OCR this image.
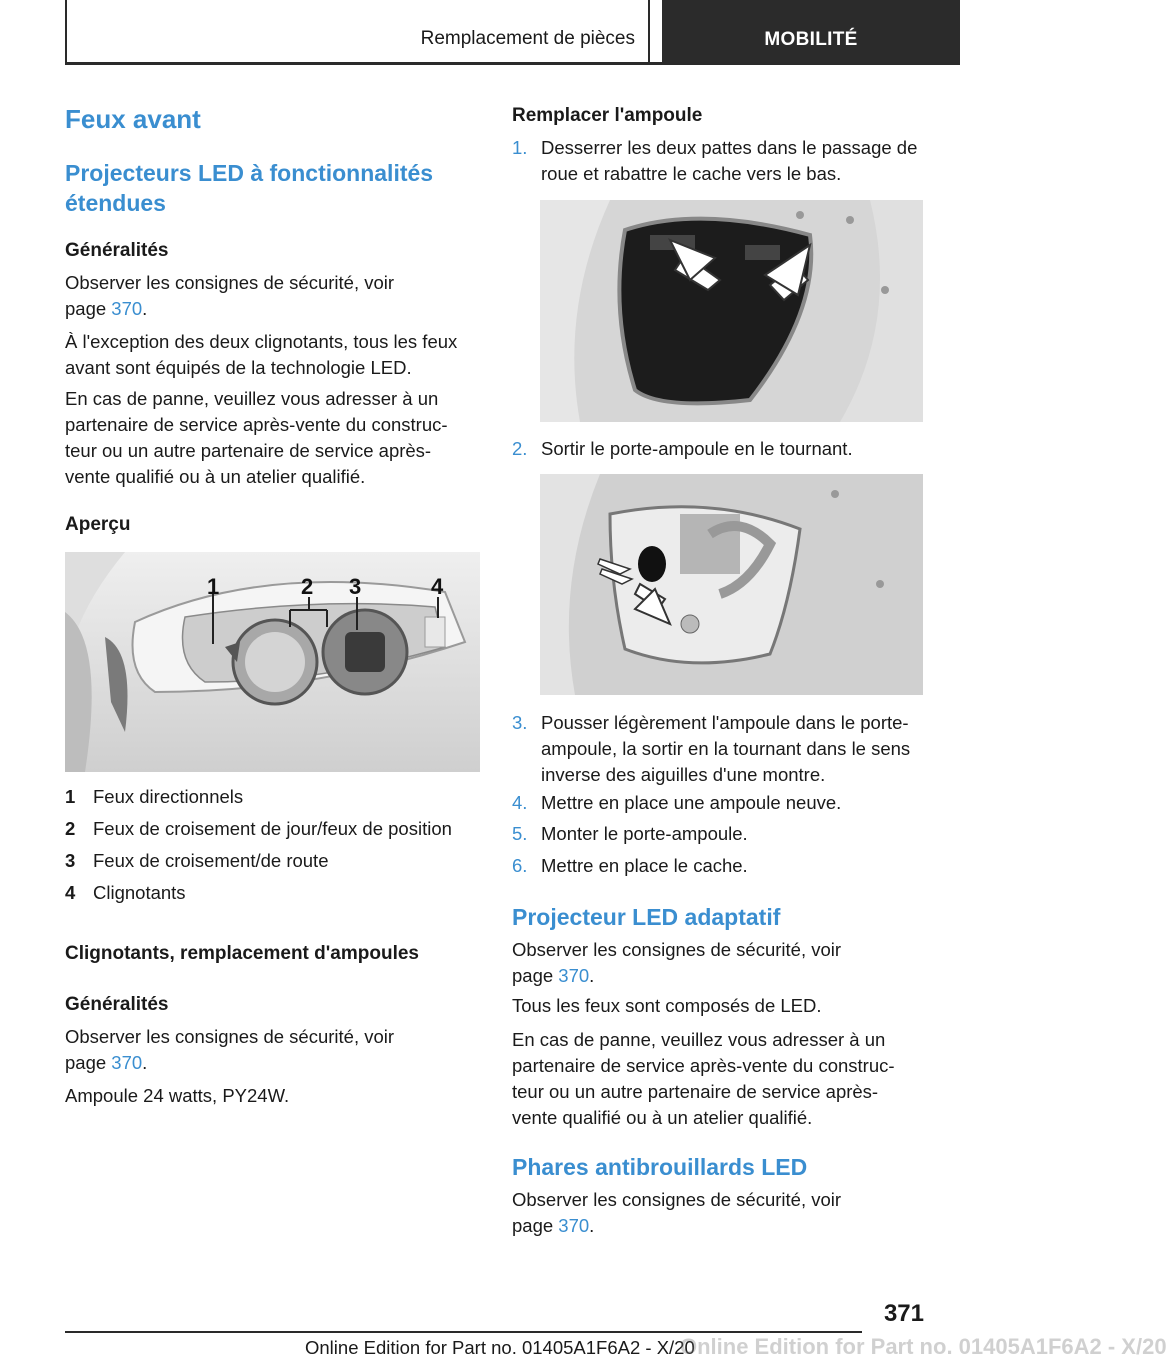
Remplacement de pièces	MOBILITÉ
Feux avant
Projecteurs LED à fonctionnalités étendues
Généralités
Observer les consignes de sécurité, voir
page 370.
À l'exception des deux clignotants, tous les feux
avant sont équipés de la technologie LED.
En cas de panne, veuillez vous adresser à un
partenaire de service après-vente du construc‐
teur ou un autre partenaire de service après-
vente qualifié ou à un atelier qualifié.
Aperçu
1	2 3	4
1 Feux directionnels
2 Feux de croisement de jour/feux de position
3 Feux de croisement/de route
4 Clignotants
Clignotants, remplacement d'ampoules
Généralités
Observer les consignes de sécurité, voir
page 370.
Ampoule 24 watts, PY24W.
Remplacer l'ampoule
1. Desserrer les deux pattes dans le passage de
roue et rabattre le cache vers le bas.
2. Sortir le porte-ampoule en le tournant.
3. Pousser légèrement l'ampoule dans le porte-
ampoule, la sortir en la tournant dans le sens
inverse des aiguilles d'une montre.
4. Mettre en place une ampoule neuve.
5. Monter le porte-ampoule.
6. Mettre en place le cache.
Projecteur LED adaptatif
Observer les consignes de sécurité, voir
page 370.
Tous les feux sont composés de LED.
En cas de panne, veuillez vous adresser à un
partenaire de service après-vente du construc‐
teur ou un autre partenaire de service après-
vente qualifié ou à un atelier qualifié.
Phares antibrouillards LED
Observer les consignes de sécurité, voir
page 370.
371
Online Edition for Part no. 01405A1F6A2 - X/20
Online Edition for Part no. 01405A1F6A2 - X/20
